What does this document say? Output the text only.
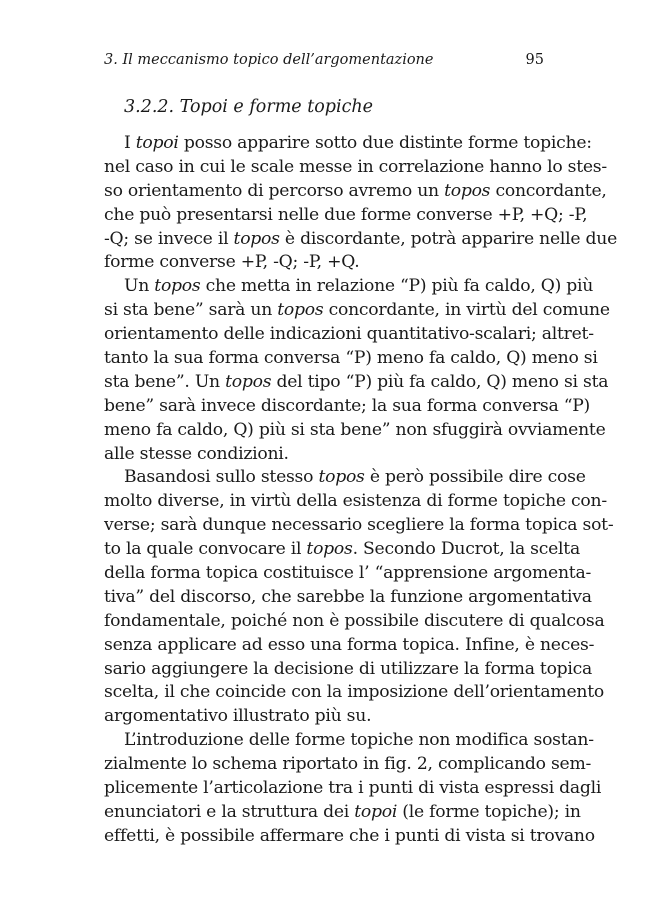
3. Il meccanismo topico dell’argomentazione	95
3.2.2. Topoi e forme topiche
I topoi posso apparire sotto due distinte forme topiche:
nel caso in cui le scale messe in correlazione hanno lo stes-
so orientamento di percorso avremo un topos concordante,
che può presentarsi nelle due forme converse +P, +Q; -P,
-Q; se invece il topos è discordante, potrà apparire nelle due
forme converse +P, -Q; -P, +Q.
Un topos che metta in relazione “P) più fa caldo, Q) più
si sta bene” sarà un topos concordante, in virtù del comune
orientamento delle indicazioni quantitativo-scalari; altret-
tanto la sua forma conversa “P) meno fa caldo, Q) meno si
sta bene”. Un topos del tipo “P) più fa caldo, Q) meno si sta
bene” sarà invece discordante; la sua forma conversa “P)
meno fa caldo, Q) più si sta bene” non sfuggirà ovviamente
alle stesse condizioni.
Basandosi sullo stesso topos è però possibile dire cose
molto diverse, in virtù della esistenza di forme topiche con-
verse; sarà dunque necessario scegliere la forma topica sot-
to la quale convocare il topos. Secondo Ducrot, la scelta
della forma topica costituisce l’ “apprensione argomenta-
tiva” del discorso, che sarebbe la funzione argomentativa
fondamentale, poiché non è possibile discutere di qualcosa
senza applicare ad esso una forma topica. Infine, è neces-
sario aggiungere la decisione di utilizzare la forma topica
scelta, il che coincide con la imposizione dell’orientamento
argomentativo illustrato più su.
L’introduzione delle forme topiche non modifica sostan-
zialmente lo schema riportato in fig. 2, complicando sem-
plicemente l’articolazione tra i punti di vista espressi dagli
enunciatori e la struttura dei topoi (le forme topiche); in
effetti, è possibile affermare che i punti di vista si trovano
